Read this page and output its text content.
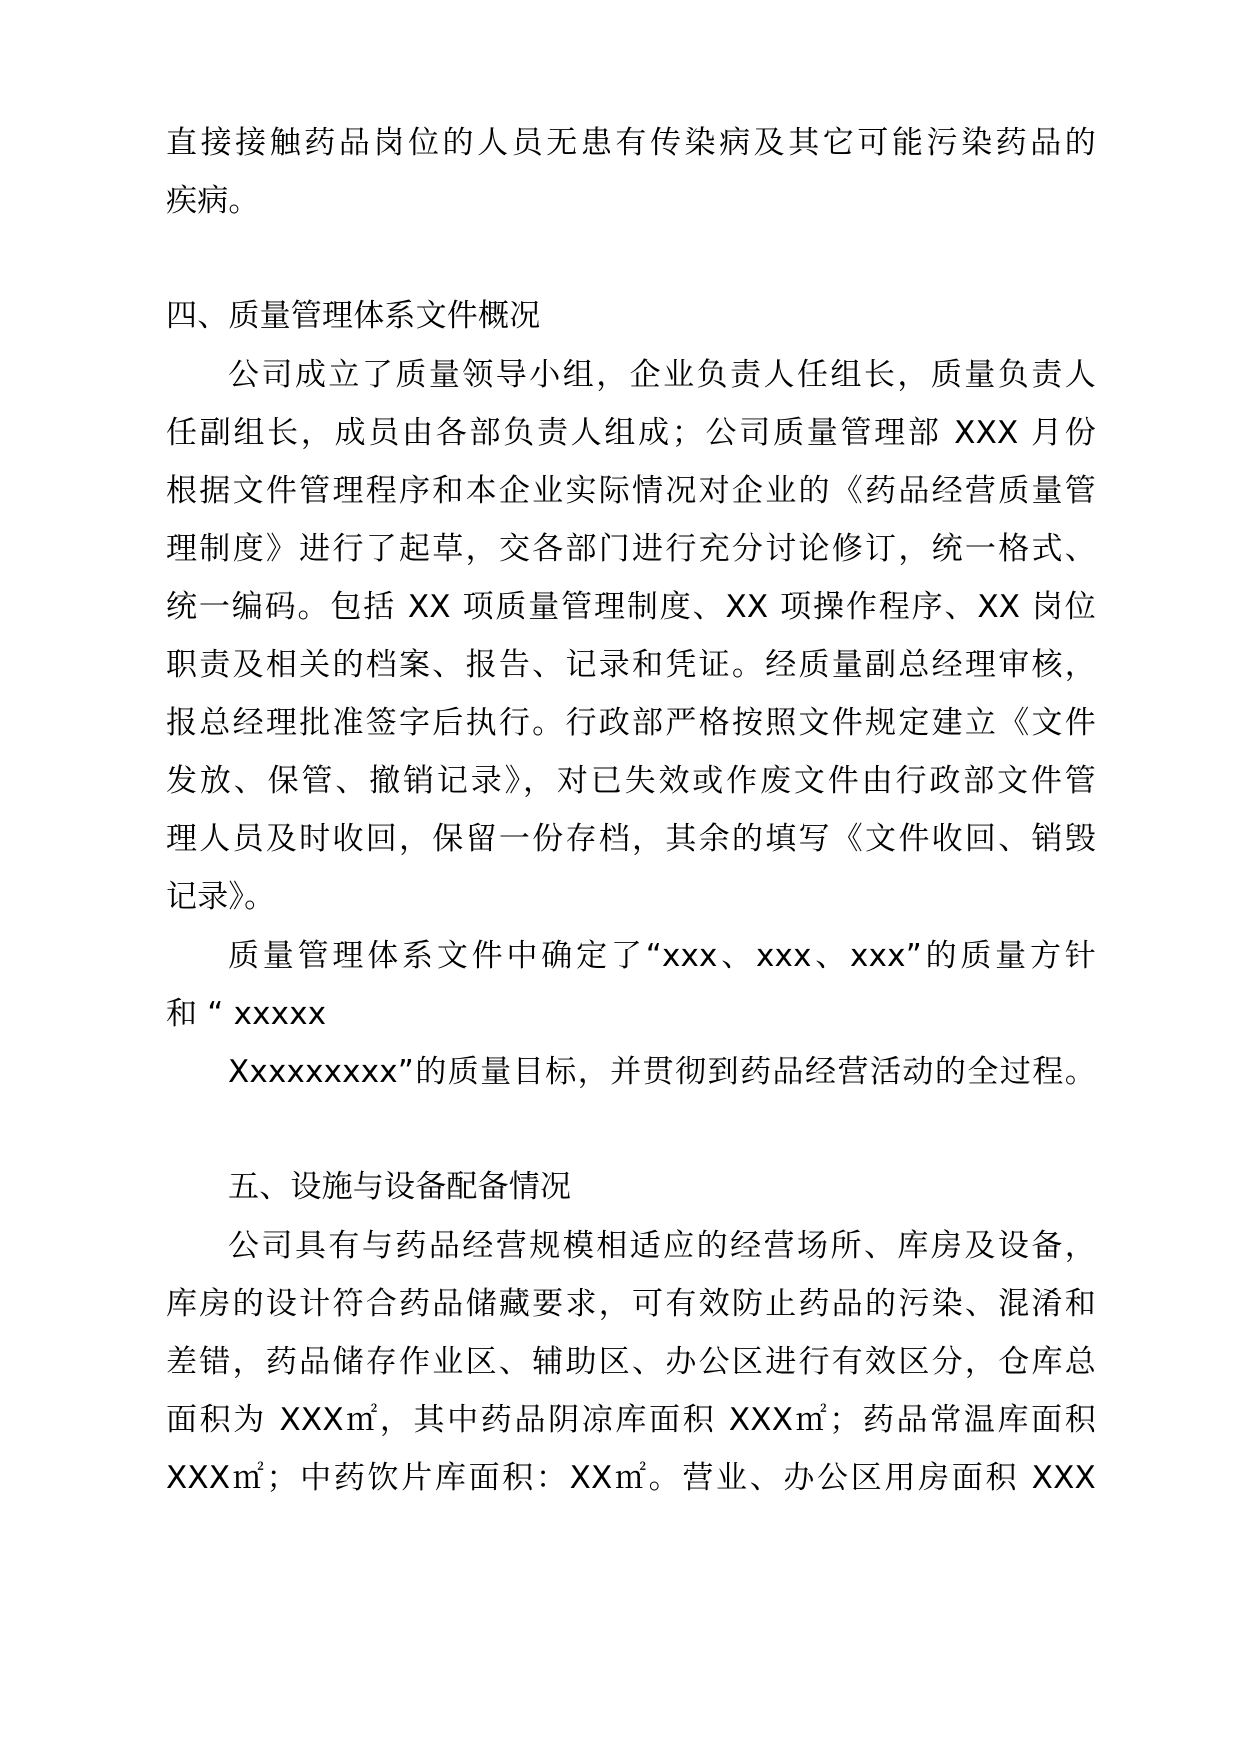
直接接触药品岗位的人员无患有传染病及其它可能污染药品的
疾病。
四、质量管理体系文件概况
公司成立了质量领导小组，企业负责人任组长，质量负责人
任副组长，成员由各部负责人组成；公司质量管理部 XXX 月份
根据文件管理程序和本企业实际情况对企业的《药品经营质量管
理制度》进行了起草，交各部门进行充分讨论修订，统一格式、
统一编码。包括 XX 项质量管理制度、XX 项操作程序、XX 岗位
职责及相关的档案、报告、记录和凭证。经质量副总经理审核，
报总经理批准签字后执行。行政部严格按照文件规定建立《文件
发放、保管、撤销记录》，对已失效或作废文件由行政部文件管
理人员及时收回，保留一份存档，其余的填写《文件收回、销毁
记录》。
质量管理体系文件中确定了“xxx、xxx、xxx”的质量方针
和 “ xxxxx
Xxxxxxxxx”的质量目标，并贯彻到药品经营活动的全过程。
五、设施与设备配备情况
公司具有与药品经营规模相适应的经营场所、库房及设备，
库房的设计符合药品储藏要求，可有效防止药品的污染、混淆和
差错，药品储存作业区、辅助区、办公区进行有效区分，仓库总
面积为 XXX㎡，其中药品阴凉库面积 XXX㎡；药品常温库面积
XXX㎡；中药饮片库面积：XX㎡。营业、办公区用房面积 XXX
